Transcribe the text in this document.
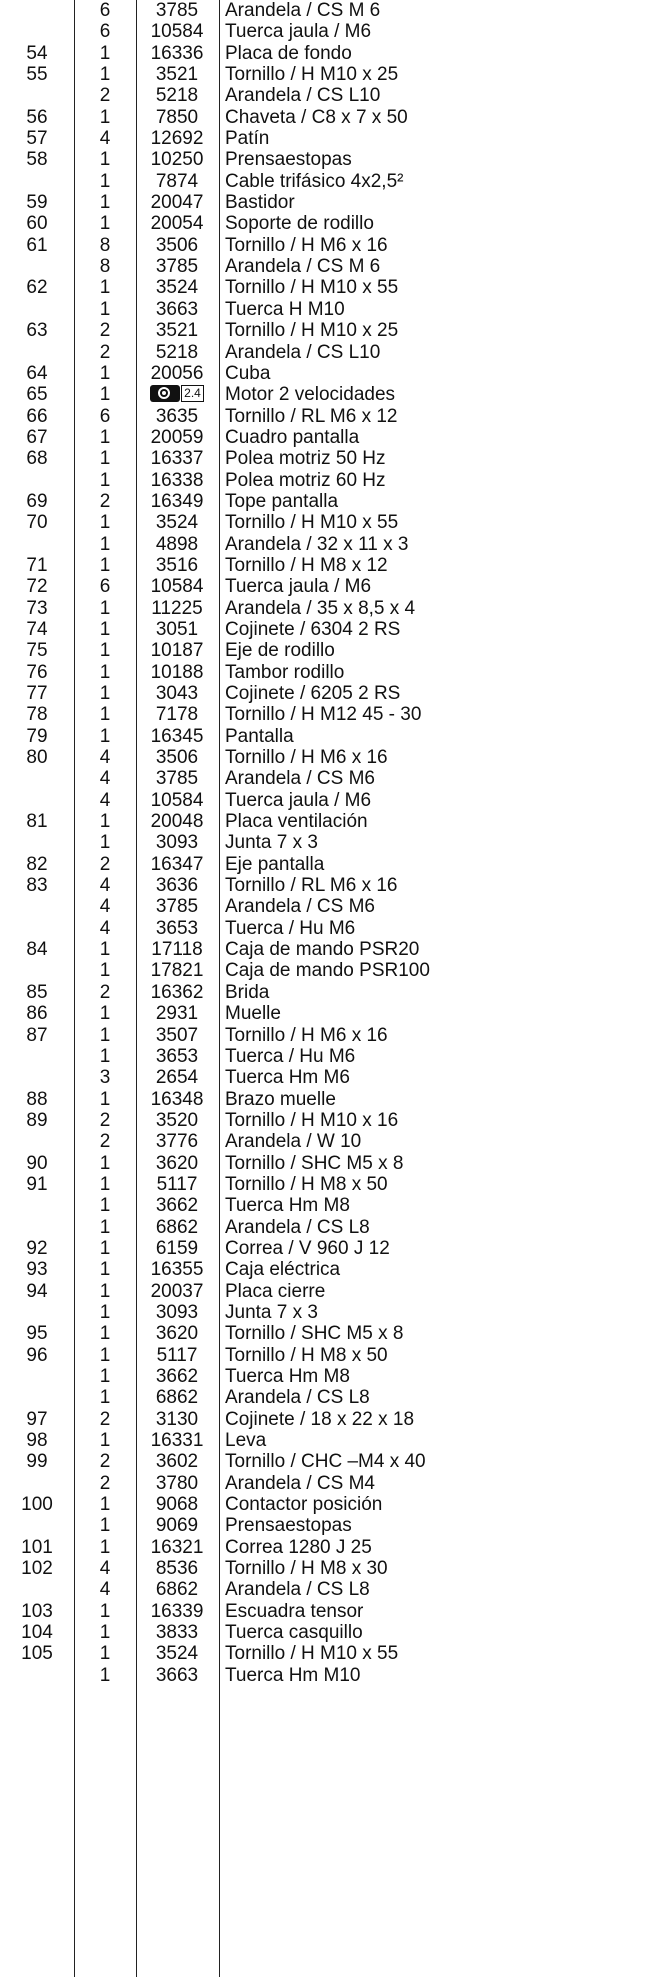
6	3785	Arandela / CS M 6
6	10584	Tuerca jaula / M6
54	1	16336	Placa de fondo
55	1	3521	Tornillo / H M10 x 25
2	5218	Arandela / CS L10
56	1	7850	Chaveta / C8 x 7 x 50
57	4	12692	Patín
58	1	10250	Prensaestopas
1	7874	Cable trifásico 4x2,5²
59	1	20047	Bastidor
60	1	20054	Soporte de rodillo
61	8	3506	Tornillo / H M6 x 16
8	3785	Arandela / CS M 6
62	1	3524	Tornillo / H M10 x 55
1	3663	Tuerca H M10
63	2	3521	Tornillo / H M10 x 25
2	5218	Arandela / CS L10
64	1	20056	Cuba
65	1	2.4	Motor 2 velocidades
66	6	3635	Tornillo / RL M6 x 12
67	1	20059	Cuadro pantalla
68	1	16337	Polea motriz 50 Hz
1	16338	Polea motriz 60 Hz
69	2	16349	Tope pantalla
70	1	3524	Tornillo / H M10 x 55
1	4898	Arandela / 32 x 11 x 3
71	1	3516	Tornillo / H M8 x 12
72	6	10584	Tuerca jaula / M6
73	1	11225	Arandela / 35 x 8,5 x 4
74	1	3051	Cojinete / 6304 2 RS
75	1	10187	Eje de rodillo
76	1	10188	Tambor rodillo
77	1	3043	Cojinete / 6205 2 RS
78	1	7178	Tornillo / H M12 45 - 30
79	1	16345	Pantalla
80	4	3506	Tornillo / H M6 x 16
4	3785	Arandela / CS M6
4	10584	Tuerca jaula / M6
81	1	20048	Placa ventilación
1	3093	Junta 7 x 3
82	2	16347	Eje pantalla
83	4	3636	Tornillo / RL M6 x 16
4	3785	Arandela / CS M6
4	3653	Tuerca / Hu M6
84	1	17118	Caja de mando PSR20
1	17821	Caja de mando PSR100
85	2	16362	Brida
86	1	2931	Muelle
87	1	3507	Tornillo / H M6 x 16
1	3653	Tuerca / Hu M6
3	2654	Tuerca Hm M6
88	1	16348	Brazo muelle
89	2	3520	Tornillo / H M10 x 16
2	3776	Arandela / W 10
90	1	3620	Tornillo / SHC M5 x 8
91	1	5117	Tornillo / H M8 x 50
1	3662	Tuerca Hm M8
1	6862	Arandela / CS L8
92	1	6159	Correa / V 960 J 12
93	1	16355	Caja eléctrica
94	1	20037	Placa cierre
1	3093	Junta 7 x 3
95	1	3620	Tornillo / SHC M5 x 8
96	1	5117	Tornillo / H M8 x 50
1	3662	Tuerca Hm M8
1	6862	Arandela / CS L8
97	2	3130	Cojinete / 18 x 22 x 18
98	1	16331	Leva
99	2	3602	Tornillo / CHC –M4 x 40
2	3780	Arandela / CS M4
100	1	9068	Contactor posición
1	9069	Prensaestopas
101	1	16321	Correa 1280 J 25
102	4	8536	Tornillo / H M8 x 30
4	6862	Arandela / CS L8
103	1	16339	Escuadra tensor
104	1	3833	Tuerca casquillo
105	1	3524	Tornillo / H M10 x 55
1	3663	Tuerca Hm M10
